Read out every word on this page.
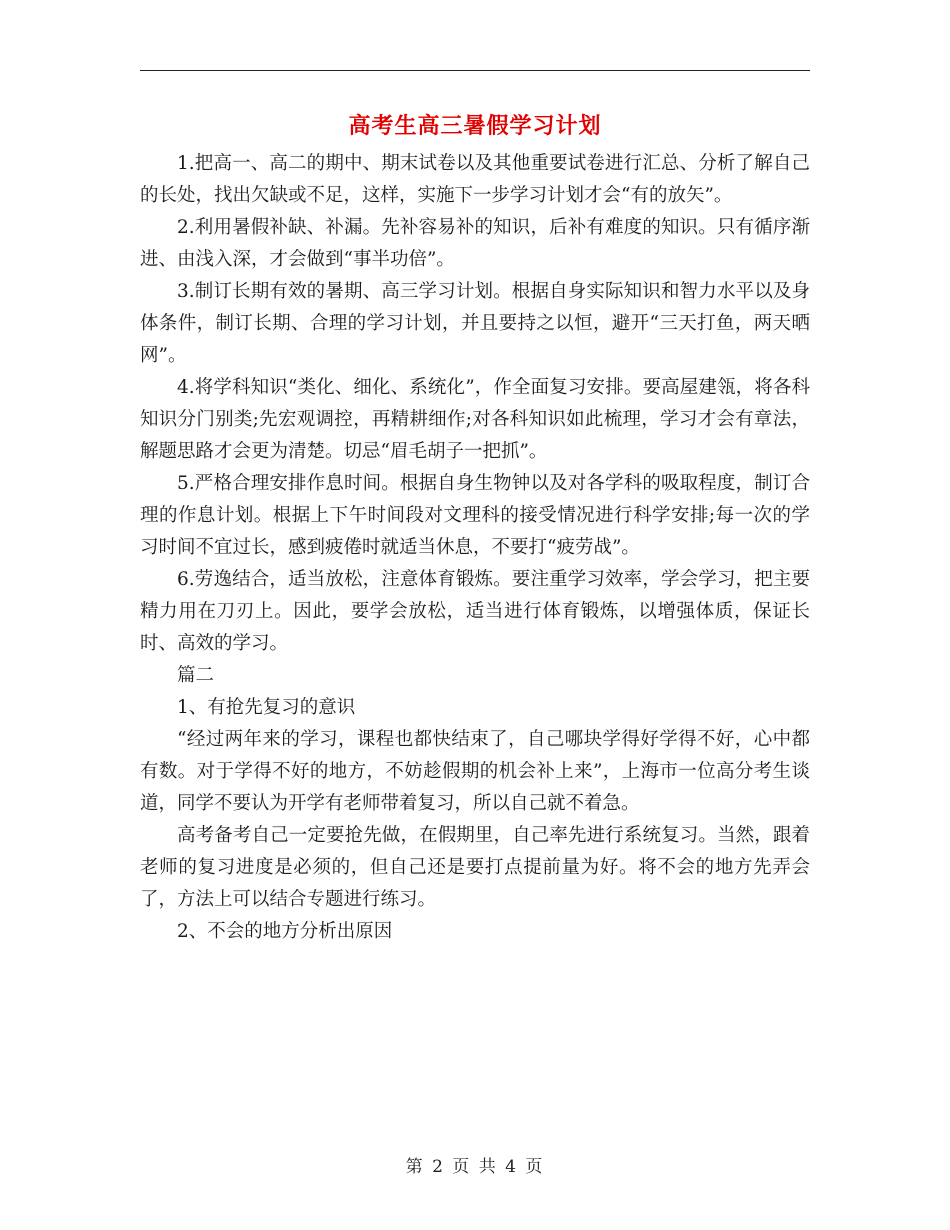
高考生高三暑假学习计划

1.把高一、高二的期中、期末试卷以及其他重要试卷进行汇总、分析了解自己的长处，找出欠缺或不足，这样，实施下一步学习计划才会“有的放矢”。

2.利用暑假补缺、补漏。先补容易补的知识，后补有难度的知识。只有循序渐进、由浅入深，才会做到“事半功倍”。

3.制订长期有效的暑期、高三学习计划。根据自身实际知识和智力水平以及身体条件，制订长期、合理的学习计划，并且要持之以恒，避开“三天打鱼，两天晒网”。

4.将学科知识“类化、细化、系统化”，作全面复习安排。要高屋建瓴，将各科知识分门别类;先宏观调控，再精耕细作;对各科知识如此梳理，学习才会有章法，解题思路才会更为清楚。切忌“眉毛胡子一把抓”。

5.严格合理安排作息时间。根据自身生物钟以及对各学科的吸取程度，制订合理的作息计划。根据上下午时间段对文理科的接受情况进行科学安排;每一次的学习时间不宜过长，感到疲倦时就适当休息，不要打“疲劳战”。

6.劳逸结合，适当放松，注意体育锻炼。要注重学习效率，学会学习，把主要精力用在刀刃上。因此，要学会放松，适当进行体育锻炼，以增强体质，保证长时、高效的学习。

篇二

1、有抢先复习的意识

“经过两年来的学习，课程也都快结束了，自己哪块学得好学得不好，心中都有数。对于学得不好的地方，不妨趁假期的机会补上来”，上海市一位高分考生谈道，同学不要认为开学有老师带着复习，所以自己就不着急。

高考备考自己一定要抢先做，在假期里，自己率先进行系统复习。当然，跟着老师的复习进度是必须的，但自己还是要打点提前量为好。将不会的地方先弄会了，方法上可以结合专题进行练习。

2、不会的地方分析出原因

第 2 页 共 4 页
